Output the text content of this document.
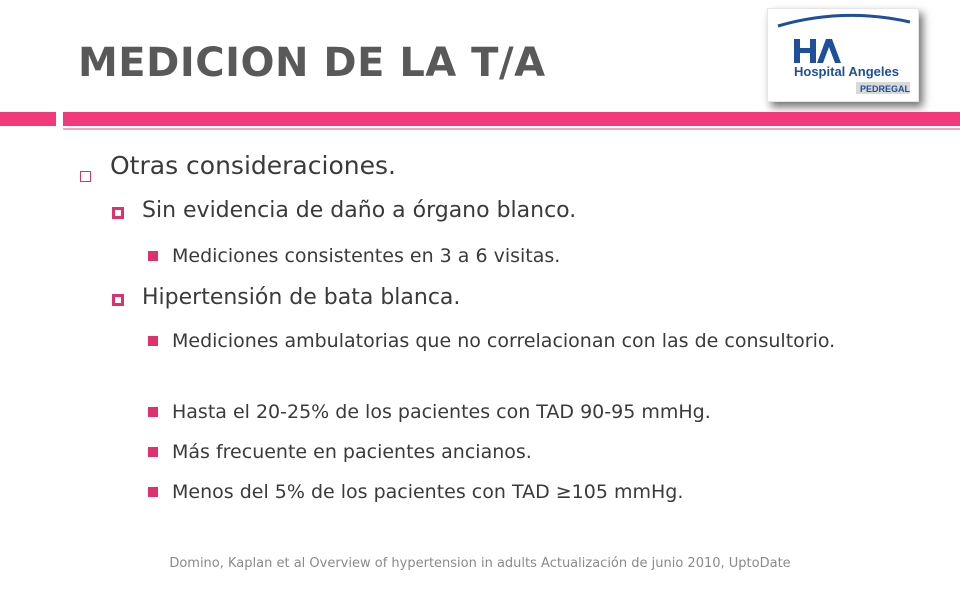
MEDICION DE LA T/A	Hospital Angeles
PEDREGAL

Otras consideraciones.

Sin evidencia de daño a órgano blanco.

Mediciones consistentes en 3 a 6 visitas.

Hipertensión de bata blanca.

Mediciones ambulatorias que no correlacionan con las de consultorio.

Hasta el 20-25% de los pacientes con TAD 90-95 mmHg.

Más frecuente en pacientes ancianos.

Menos del 5% de los pacientes con TAD ≥105 mmHg.

Domino, Kaplan et al Overview of hypertension in adults Actualización de junio 2010, UptoDate
